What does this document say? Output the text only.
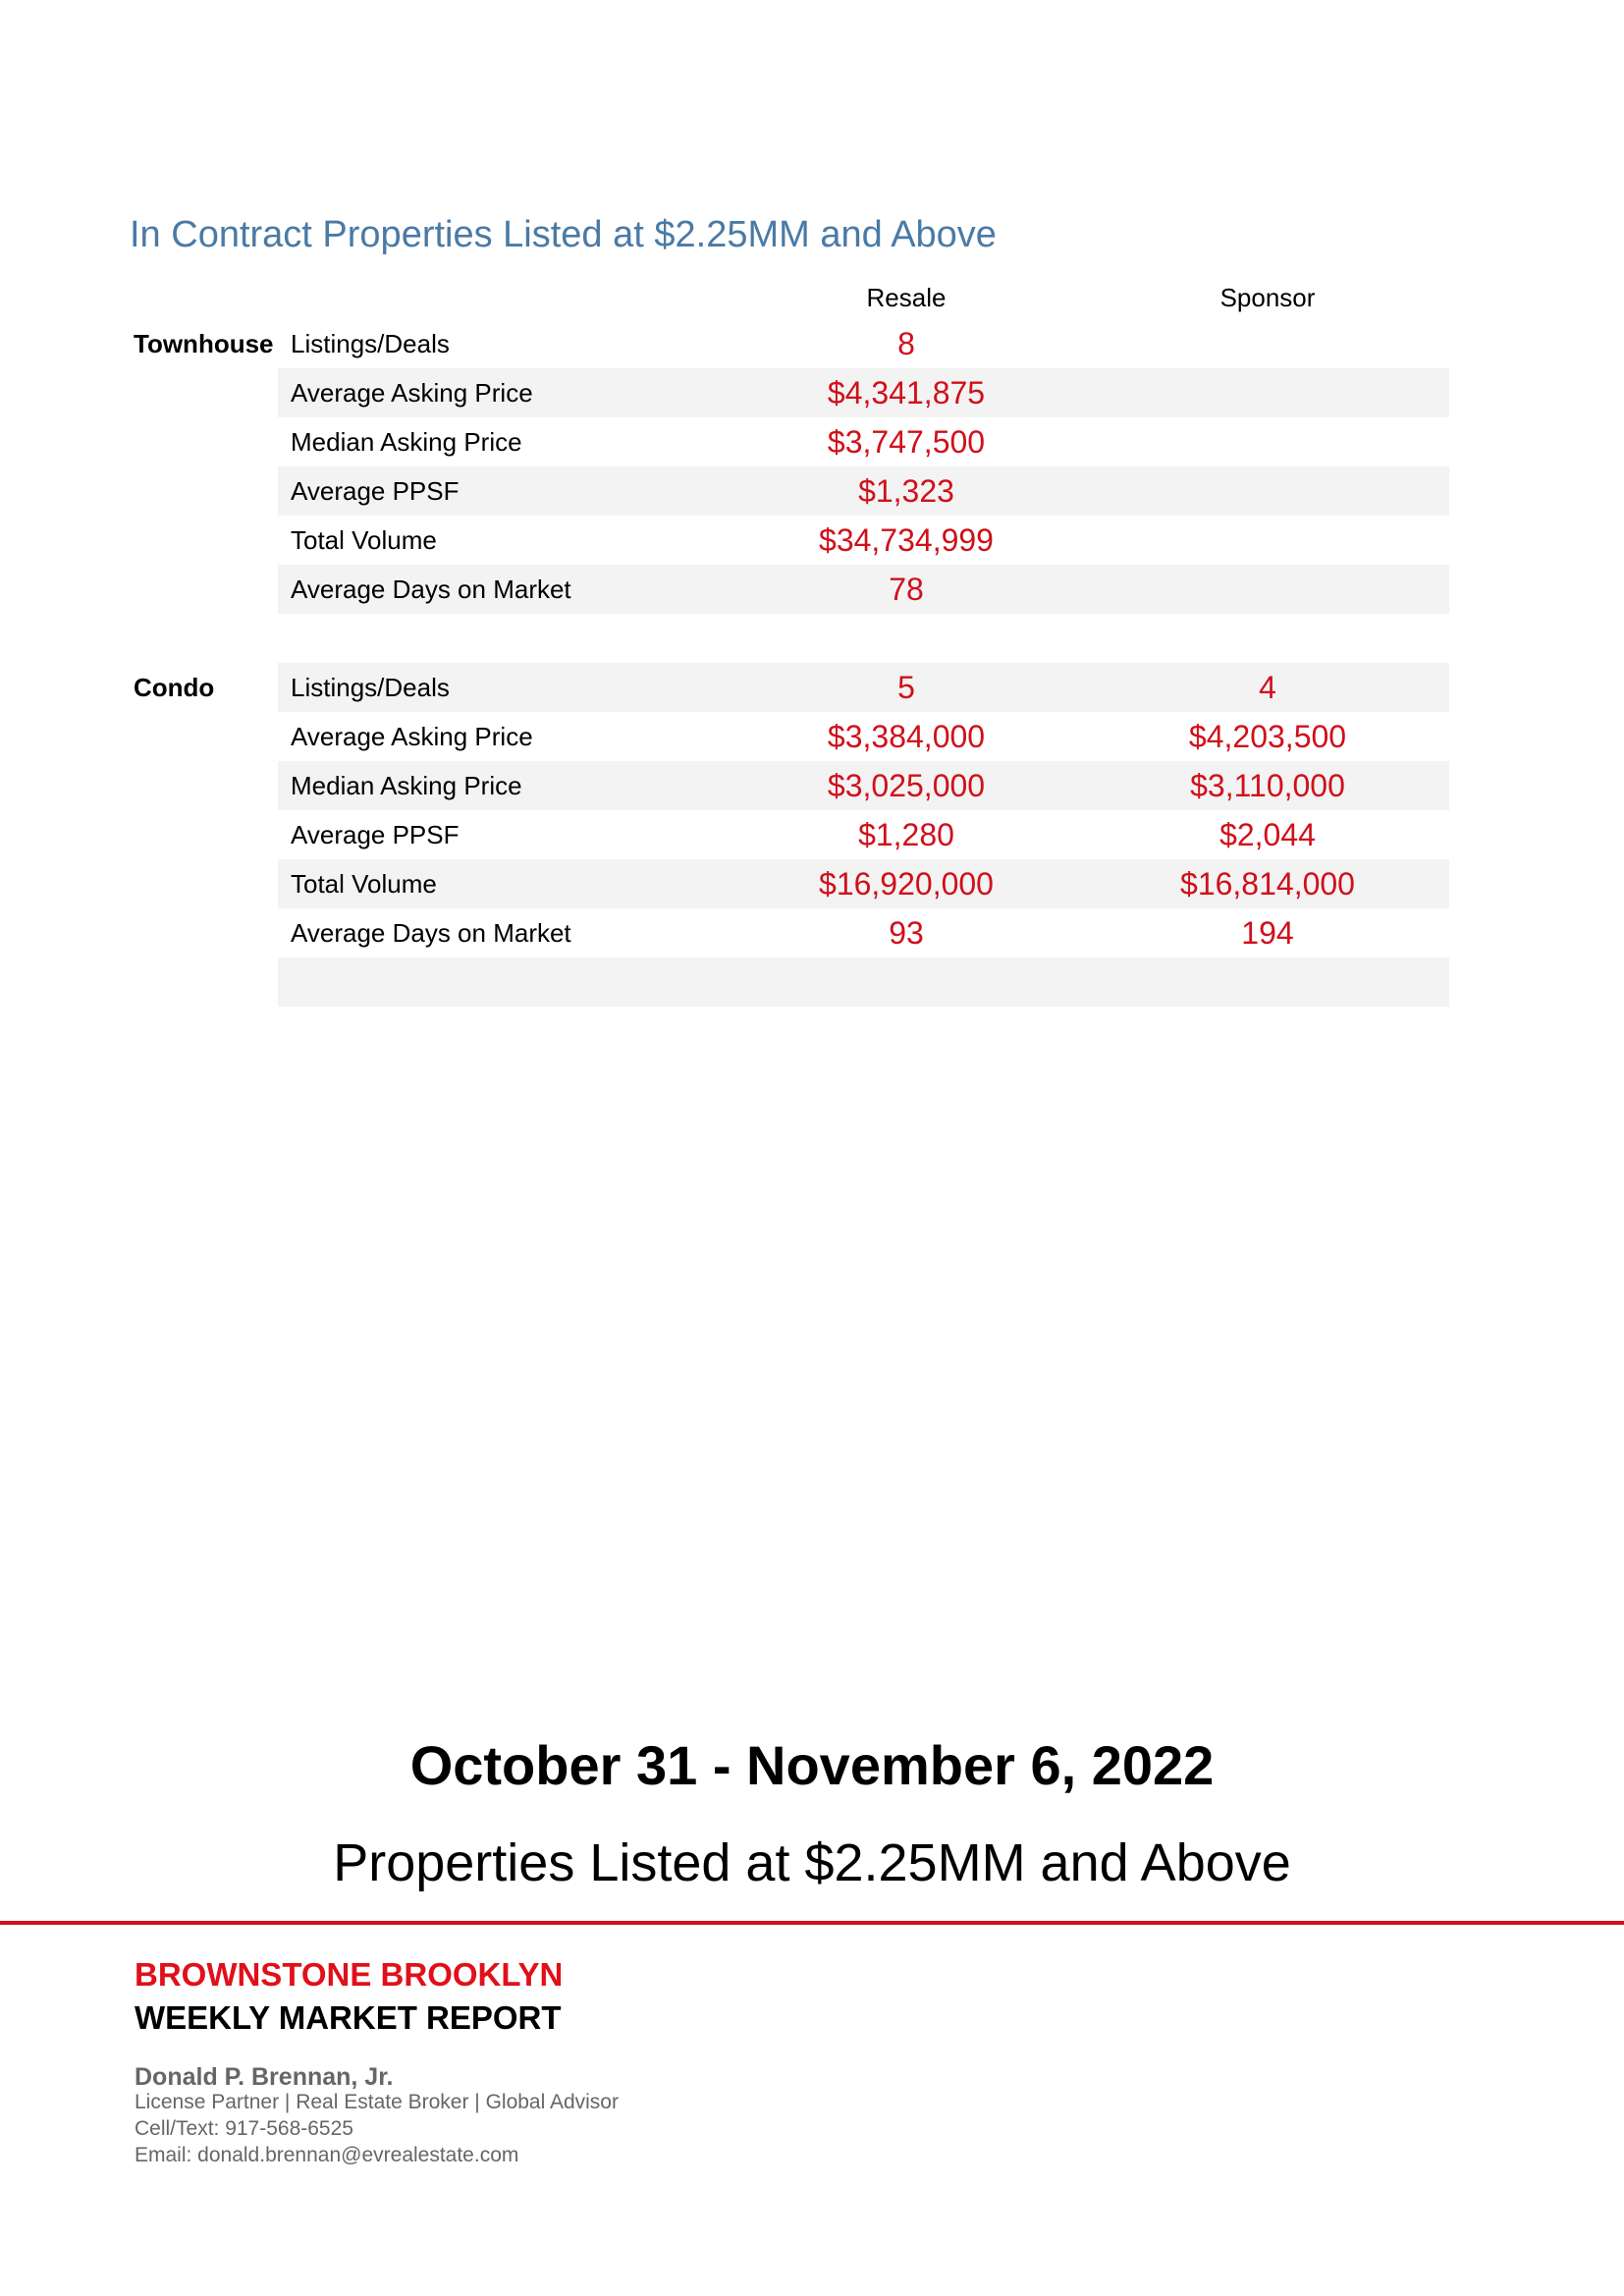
In Contract Properties Listed at $2.25MM and Above
Resale	Sponsor
Townhouse Listings/Deals	8
Average Asking Price	$4,341,875
Median Asking Price	$3,747,500
Average PPSF	$1,323
Total Volume	$34,734,999
Average Days on Market	78
Condo	Listings/Deals	5	4
Average Asking Price	$3,384,000	$4,203,500
Median Asking Price	$3,025,000	$3,110,000
Average PPSF	$1,280	$2,044
Total Volume	$16,920,000	$16,814,000
Average Days on Market	93	194
October 31 - November 6, 2022
Properties Listed at $2.25MM and Above
BROWNSTONE BROOKLYN
WEEKLY MARKET REPORT
Donald P. Brennan, Jr.
License Partner | Real Estate Broker | Global Advisor
Cell/Text: 917-568-6525
Email: donald.brennan@evrealestate.com
